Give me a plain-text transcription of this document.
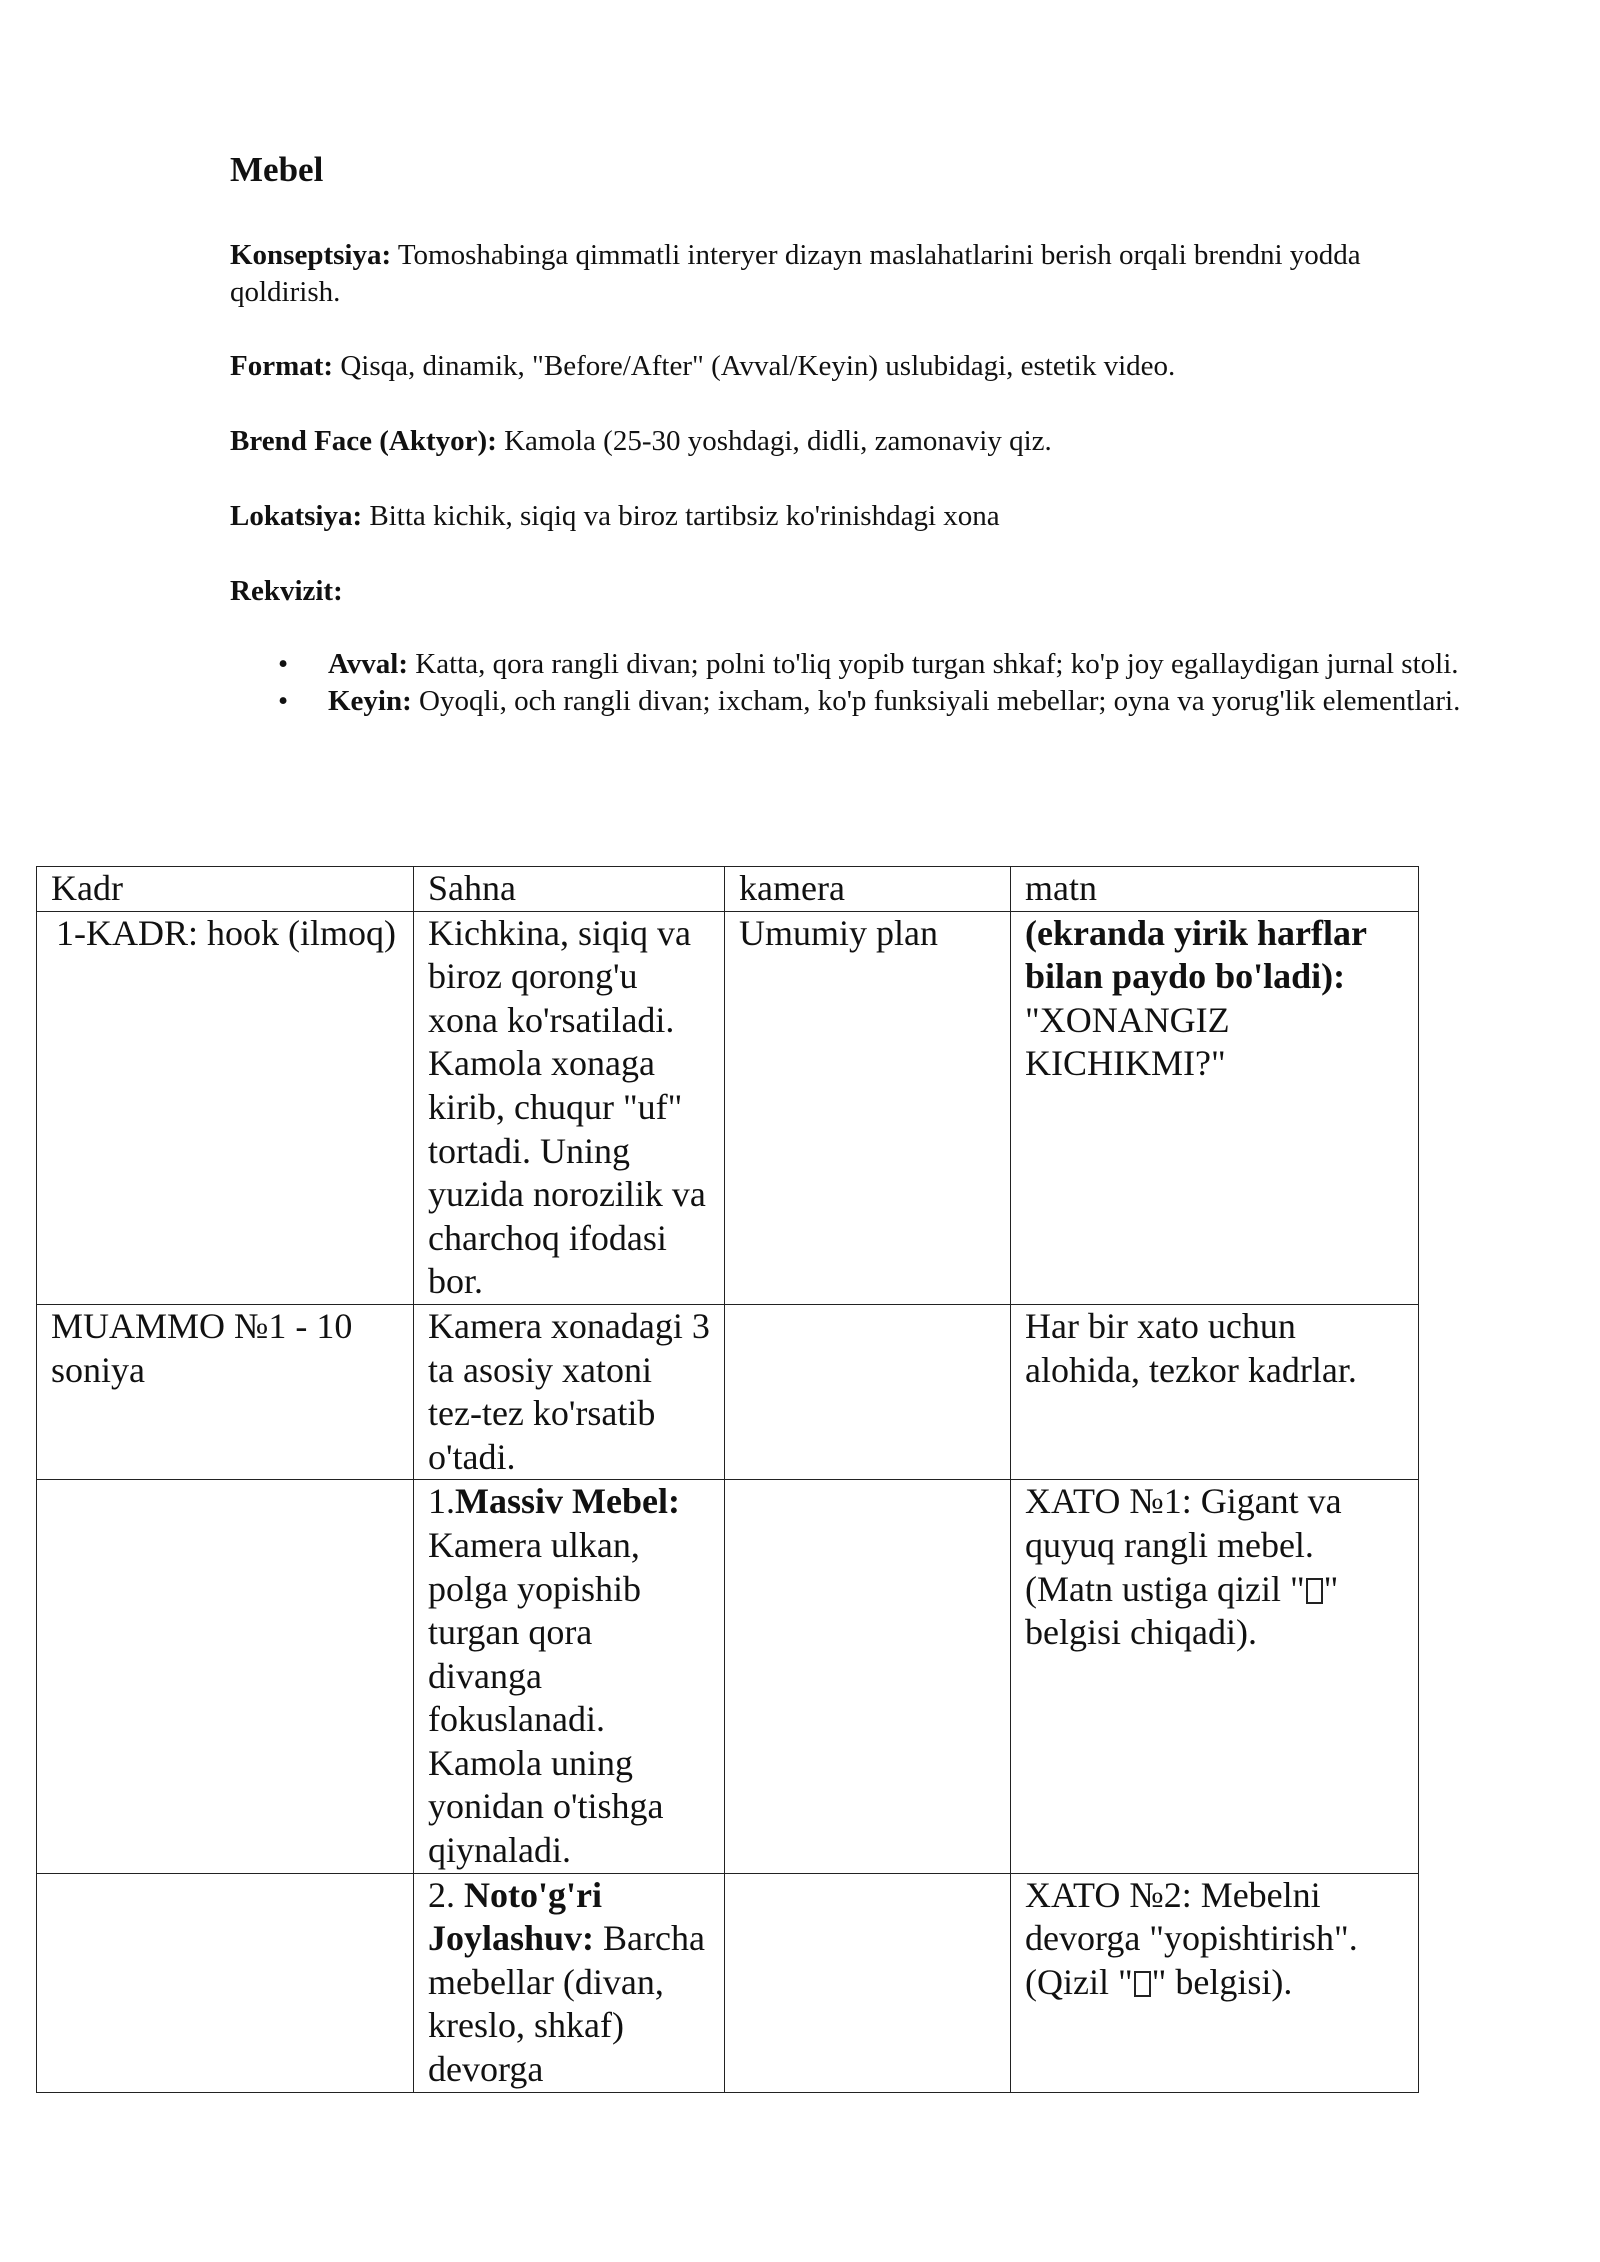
Mebel

Konseptsiya: Tomoshabinga qimmatli interyer dizayn maslahatlarini berish orqali brendni yodda qoldirish.

Format: Qisqa, dinamik, "Before/After" (Avval/Keyin) uslubidagi, estetik video.

Brend Face (Aktyor): Kamola (25-30 yoshdagi, didli, zamonaviy qiz.

Lokatsiya: Bitta kichik, siqiq va biroz tartibsiz ko'rinishdagi xona

Rekvizit:

• Avval: Katta, qora rangli divan; polni to'liq yopib turgan shkaf; ko'p joy egallaydigan jurnal stoli.
• Keyin: Oyoqli, och rangli divan; ixcham, ko'p funksiyali mebellar; oyna va yorug'lik elementlari.
Kadr	Sahna	kamera	matn
1-KADR: hook (ilmoq)	Kichkina, siqiq va biroz qorong'u xona ko'rsatiladi. Kamola xonaga kirib, chuqur "uf" tortadi. Uning yuzida norozilik va charchoq ifodasi bor.	Umumiy plan	(ekranda yirik harflar bilan paydo bo'ladi):
"XONANGIZ KICHIKMI?"
MUAMMO №1 - 10 soniya	Kamera xonadagi 3 ta asosiy xatoni tez-tez ko'rsatib o'tadi.		Har bir xato uchun alohida, tezkor kadrlar.
	1.Massiv Mebel: Kamera ulkan, polga yopishib turgan qora divanga fokuslanadi. Kamola uning yonidan o'tishga qiynaladi.		XATO №1: Gigant va quyuq rangli mebel. (Matn ustiga qizil " " belgisi chiqadi).
	2. Noto'g'ri Joylashuv: Barcha mebellar (divan, kreslo, shkaf) devorga		XATO №2: Mebelni devorga "yopishtirish". (Qizil " " belgisi).
